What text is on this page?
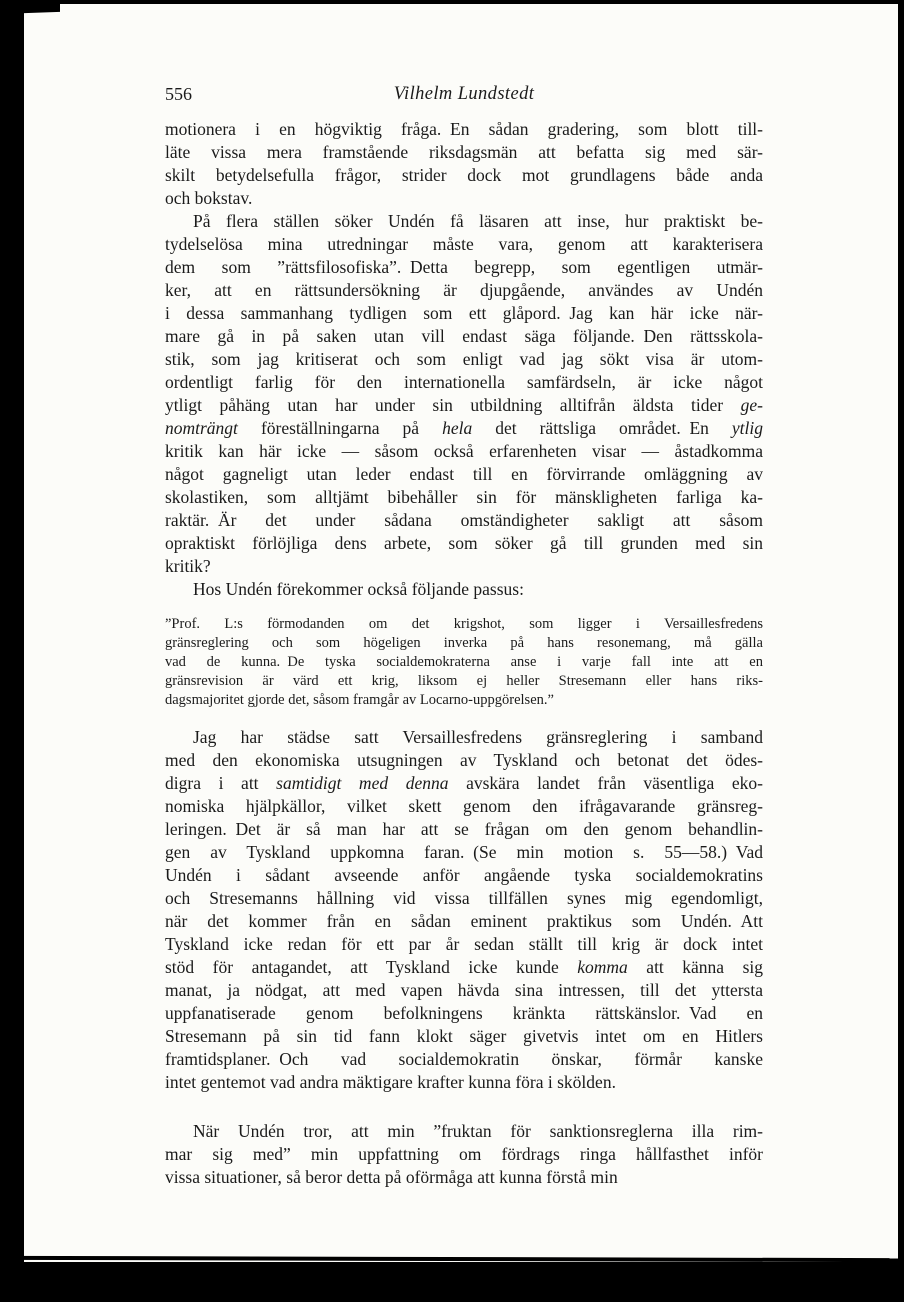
556	Vilhelm Lundstedt
motionera i en högviktig fråga. En sådan gradering, som blott till-
läte vissa mera framstående riksdagsmän att befatta sig med sär-
skilt betydelsefulla frågor, strider dock mot grundlagens både anda
och bokstav.
På flera ställen söker Undén få läsaren att inse, hur praktiskt be-
tydelselösa mina utredningar måste vara, genom att karakterisera
dem som ”rättsfilosofiska”. Detta begrepp, som egentligen utmär-
ker, att en rättsundersökning är djupgående, användes av Undén
i dessa sammanhang tydligen som ett glåpord. Jag kan här icke när-
mare gå in på saken utan vill endast säga följande. Den rättsskola-
stik, som jag kritiserat och som enligt vad jag sökt visa är utom-
ordentligt farlig för den internationella samfärdseln, är icke något
ytligt påhäng utan har under sin utbildning alltifrån äldsta tider ge-
nomträngt föreställningarna på hela det rättsliga området. En ytlig
kritik kan här icke — såsom också erfarenheten visar — åstadkomma
något gagneligt utan leder endast till en förvirrande omläggning av
skolastiken, som alltjämt bibehåller sin för mänskligheten farliga ka-
raktär. Är det under sådana omständigheter sakligt att såsom
opraktiskt förlöjliga dens arbete, som söker gå till grunden med sin
kritik?
Hos Undén förekommer också följande passus:
”Prof. L:s förmodanden om det krigshot, som ligger i Versaillesfredens
gränsreglering och som högeligen inverka på hans resonemang, må gälla
vad de kunna. De tyska socialdemokraterna anse i varje fall inte att en
gränsrevision är värd ett krig, liksom ej heller Stresemann eller hans riks-
dagsmajoritet gjorde det, såsom framgår av Locarno-uppgörelsen.”
Jag har städse satt Versaillesfredens gränsreglering i samband
med den ekonomiska utsugningen av Tyskland och betonat det ödes-
digra i att samtidigt med denna avskära landet från väsentliga eko-
nomiska hjälpkällor, vilket skett genom den ifrågavarande gränsreg-
leringen. Det är så man har att se frågan om den genom behandlin-
gen av Tyskland uppkomna faran. (Se min motion s. 55—58.) Vad
Undén i sådant avseende anför angående tyska socialdemokratins
och Stresemanns hållning vid vissa tillfällen synes mig egendomligt,
när det kommer från en sådan eminent praktikus som Undén. Att
Tyskland icke redan för ett par år sedan ställt till krig är dock intet
stöd för antagandet, att Tyskland icke kunde komma att känna sig
manat, ja nödgat, att med vapen hävda sina intressen, till det yttersta
uppfanatiserade genom befolkningens kränkta rättskänslor. Vad en
Stresemann på sin tid fann klokt säger givetvis intet om en Hitlers
framtidsplaner. Och vad socialdemokratin önskar, förmår kanske
intet gentemot vad andra mäktigare krafter kunna föra i skölden.
När Undén tror, att min ”fruktan för sanktionsreglerna illa rim-
mar sig med” min uppfattning om fördrags ringa hållfasthet inför
vissa situationer, så beror detta på oförmåga att kunna förstå min
